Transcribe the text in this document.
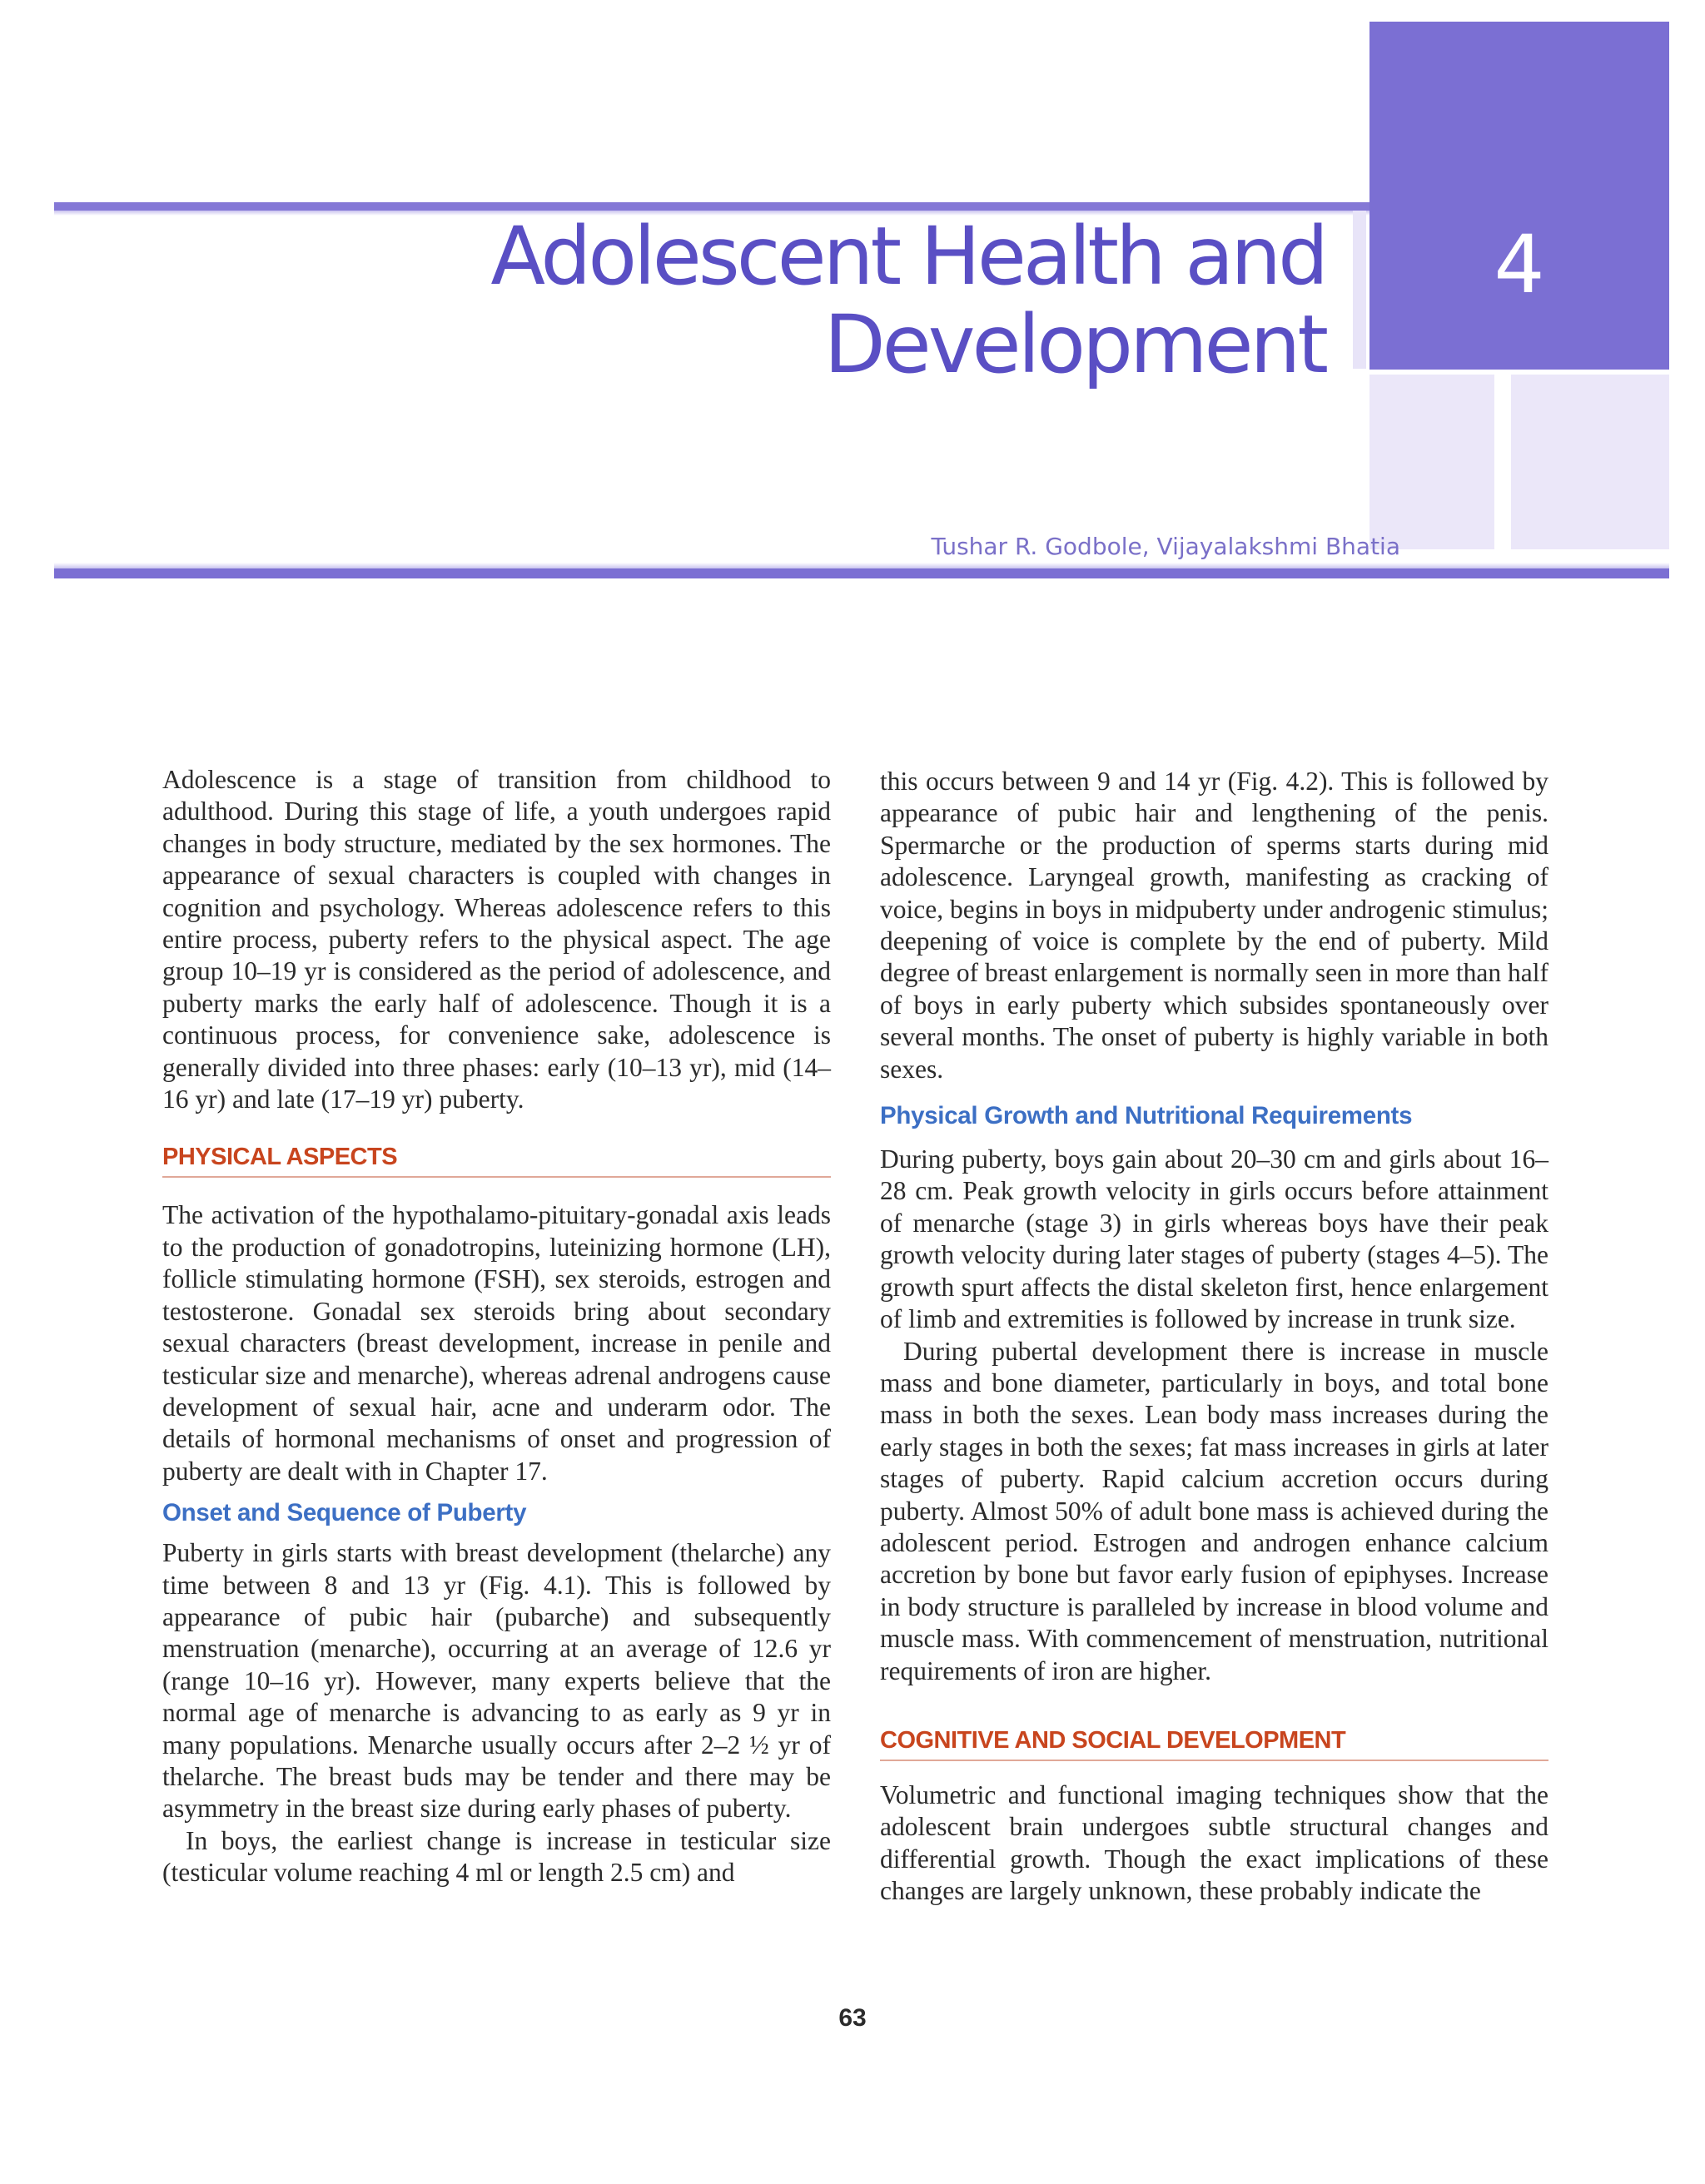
Adolescent Health and
Development
4
Tushar R. Godbole, Vijayalakshmi Bhatia

Adolescence is a stage of transition from childhood to adulthood. During this stage of life, a youth undergoes rapid changes in body structure, mediated by the sex hormones. The appearance of sexual characters is coupled with changes in cognition and psychology. Whereas adolescence refers to this entire process, puberty refers to the physical aspect. The age group 10–19 yr is considered as the period of adolescence, and puberty marks the early half of adolescence. Though it is a continuous process, for convenience sake, adolescence is generally divided into three phases: early (10–13 yr), mid (14–16 yr) and late (17–19 yr) puberty.

PHYSICAL ASPECTS

The activation of the hypothalamo-pituitary-gonadal axis leads to the production of gonadotropins, luteinizing hormone (LH), follicle stimulating hormone (FSH), sex steroids, estrogen and testosterone. Gonadal sex steroids bring about secondary sexual characters (breast development, increase in penile and testicular size and menarche), whereas adrenal androgens cause development of sexual hair, acne and underarm odor. The details of hormonal mechanisms of onset and progression of puberty are dealt with in Chapter 17.

Onset and Sequence of Puberty

Puberty in girls starts with breast development (thelarche) any time between 8 and 13 yr (Fig. 4.1). This is followed by appearance of pubic hair (pubarche) and subsequently menstruation (menarche), occurring at an average of 12.6 yr (range 10–16 yr). However, many experts believe that the normal age of menarche is advancing to as early as 9 yr in many populations. Menarche usually occurs after 2–2 ½ yr of thelarche. The breast buds may be tender and there may be asymmetry in the breast size during early phases of puberty.

In boys, the earliest change is increase in testicular size (testicular volume reaching 4 ml or length 2.5 cm) and

this occurs between 9 and 14 yr (Fig. 4.2). This is followed by appearance of pubic hair and lengthening of the penis. Spermarche or the production of sperms starts during mid adolescence. Laryngeal growth, manifesting as cracking of voice, begins in boys in midpuberty under androgenic stimulus; deepening of voice is complete by the end of puberty. Mild degree of breast enlargement is normally seen in more than half of boys in early puberty which subsides spontaneously over several months. The onset of puberty is highly variable in both sexes.

Physical Growth and Nutritional Requirements

During puberty, boys gain about 20–30 cm and girls about 16–28 cm. Peak growth velocity in girls occurs before attainment of menarche (stage 3) in girls whereas boys have their peak growth velocity during later stages of puberty (stages 4–5). The growth spurt affects the distal skeleton first, hence enlargement of limb and extremities is followed by increase in trunk size.

During pubertal development there is increase in muscle mass and bone diameter, particularly in boys, and total bone mass in both the sexes. Lean body mass increases during the early stages in both the sexes; fat mass increases in girls at later stages of puberty. Rapid calcium accretion occurs during puberty. Almost 50% of adult bone mass is achieved during the adolescent period. Estrogen and androgen enhance calcium accretion by bone but favor early fusion of epiphyses. Increase in body structure is paralleled by increase in blood volume and muscle mass. With commencement of menstruation, nutritional requirements of iron are higher.

COGNITIVE AND SOCIAL DEVELOPMENT

Volumetric and functional imaging techniques show that the adolescent brain undergoes subtle structural changes and differential growth. Though the exact implications of these changes are largely unknown, these probably indicate the

63
